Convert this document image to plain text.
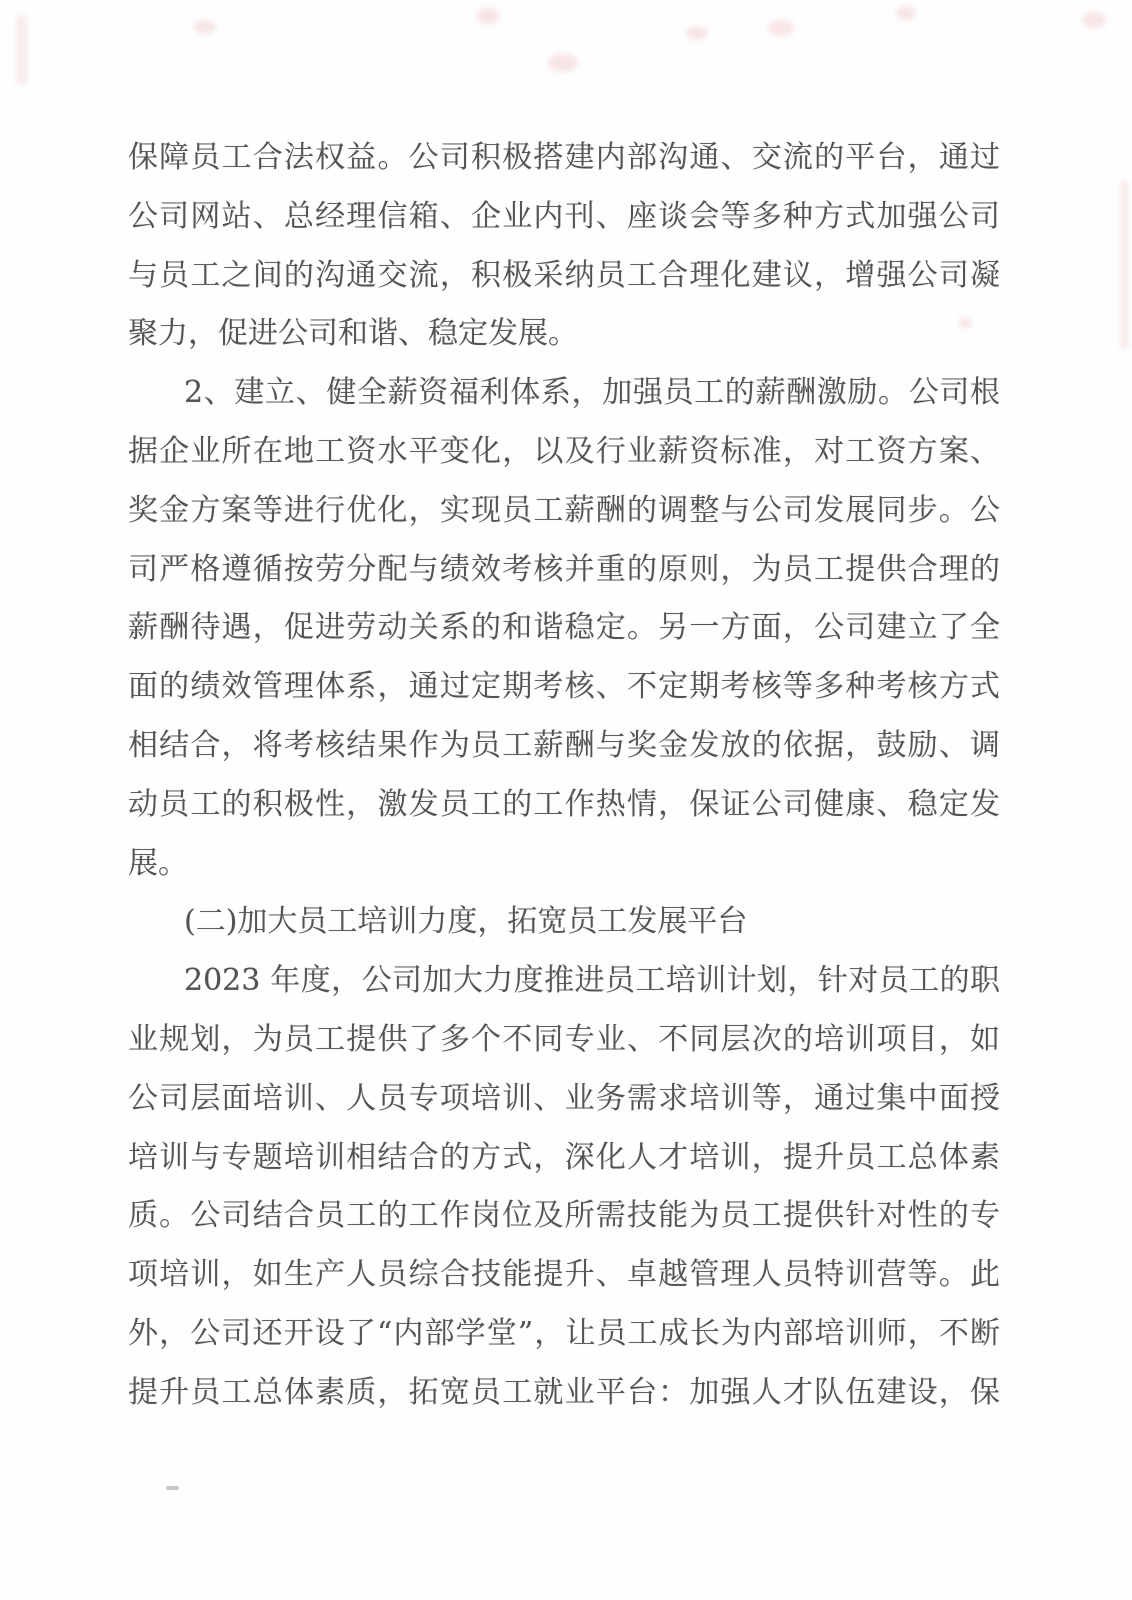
保障员工合法权益。公司积极搭建内部沟通、交流的平台，通过
公司网站、总经理信箱、企业内刊、座谈会等多种方式加强公司
与员工之间的沟通交流，积极采纳员工合理化建议，增强公司凝
聚力，促进公司和谐、稳定发展。
2、建立、健全薪资福利体系，加强员工的薪酬激励。公司根
据企业所在地工资水平变化，以及行业薪资标准，对工资方案、
奖金方案等进行优化，实现员工薪酬的调整与公司发展同步。公
司严格遵循按劳分配与绩效考核并重的原则，为员工提供合理的
薪酬待遇，促进劳动关系的和谐稳定。另一方面，公司建立了全
面的绩效管理体系，通过定期考核、不定期考核等多种考核方式
相结合，将考核结果作为员工薪酬与奖金发放的依据，鼓励、调
动员工的积极性，激发员工的工作热情，保证公司健康、稳定发
展。
(二)加大员工培训力度，拓宽员工发展平台
2023 年度，公司加大力度推进员工培训计划，针对员工的职
业规划，为员工提供了多个不同专业、不同层次的培训项目，如
公司层面培训、人员专项培训、业务需求培训等，通过集中面授
培训与专题培训相结合的方式，深化人才培训，提升员工总体素
质。公司结合员工的工作岗位及所需技能为员工提供针对性的专
项培训，如生产人员综合技能提升、卓越管理人员特训营等。此
外，公司还开设了“内部学堂”，让员工成长为内部培训师，不断
提升员工总体素质，拓宽员工就业平台：加强人才队伍建设，保
